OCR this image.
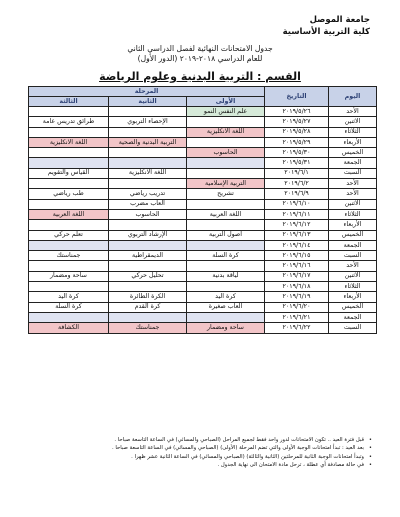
جامعة الموصل
كلية التربية الأساسية
جدول الامتحانات النهائية لفصل الدراسي الثاني
للعام الدراسي ٢٠١٨-٢٠١٩ (الدور الأول)
القسم : التربية البدنية وعلوم الرياضة
المرحلة			التاريخ	اليوم
الثالثة	الثانية	الأولى		
		علم النفس النمو	٢٠١٩/٥/٢٦	الأحد
طرائق تدريس عامة	الإحصاء التربوي		٢٠١٩/٥/٢٧	الاثنين
		اللغة الانكليزية	٢٠١٩/٥/٢٨	الثلاثاء
اللغة الانكليزية	التربية البدنية والصحية		٢٠١٩/٥/٢٩	الأربعاء
		الحاسوب	٢٠١٩/٥/٣٠	الخميس
			٢٠١٩/٥/٣١	الجمعة
القياس والتقويم	اللغة الانكليزية		٢٠١٩/٦/١	السبت
		التربية الإسلامية	٢٠١٩/٦/٢	الأحد
طب رياضي	تدريب رياضي	تشريح	٢٠١٩/٦/٩	الأحد
	ألعاب مضرب		٢٠١٩/٦/١٠	الاثنين
اللغة العربية	الحاسوب	اللغة العربية	٢٠١٩/٦/١١	الثلاثاء
			٢٠١٩/٦/١٢	الأربعاء
تعلم حركي	الإرشاد التربوي	أصول التربية	٢٠١٩/٦/١٣	الخميس
			٢٠١٩/٦/١٤	الجمعة
جمناستك	الديمقراطية	كرة السلة	٢٠١٩/٦/١٥	السبت
			٢٠١٩/٦/١٦	الأحد
ساحة ومضمار	تحليل حركي	لياقة بدنية	٢٠١٩/٦/١٧	الاثنين
			٢٠١٩/٦/١٨	الثلاثاء
كرة اليد	الكرة الطائرة	كرة اليد	٢٠١٩/٦/١٩	الأربعاء
كرة السلة	كرة القدم	ألعاب صغيرة	٢٠١٩/٦/٢٠	الخميس
			٢٠١٩/٦/٢١	الجمعة
الكشافة	جمناستك	ساحة ومضمار	٢٠١٩/٦/٢٢	السبت
•
قبل فترة العيد .. تكون الامتحانات لدور واحد فقط لجميع المراحل (الصباحي والمسائي) في الساعة التاسعة صباحا .
•
بعد العيد : تبدأ امتحانات الوجبة الأولى والتي تضم المرحلة (الأولى) (الصباحي والمسائي) في الساعة التاسعة صباحا .
•
وتبدأ امتحانات الوجبة الثانية للمرحلتين (الثانية والثالثة) (الصباحي والمسائي) في الساعة الثانية عشر ظهرا .
•
في حالة مصادفة أي عطلة ، ترحل مادة الامتحان الى نهاية الجدول .
